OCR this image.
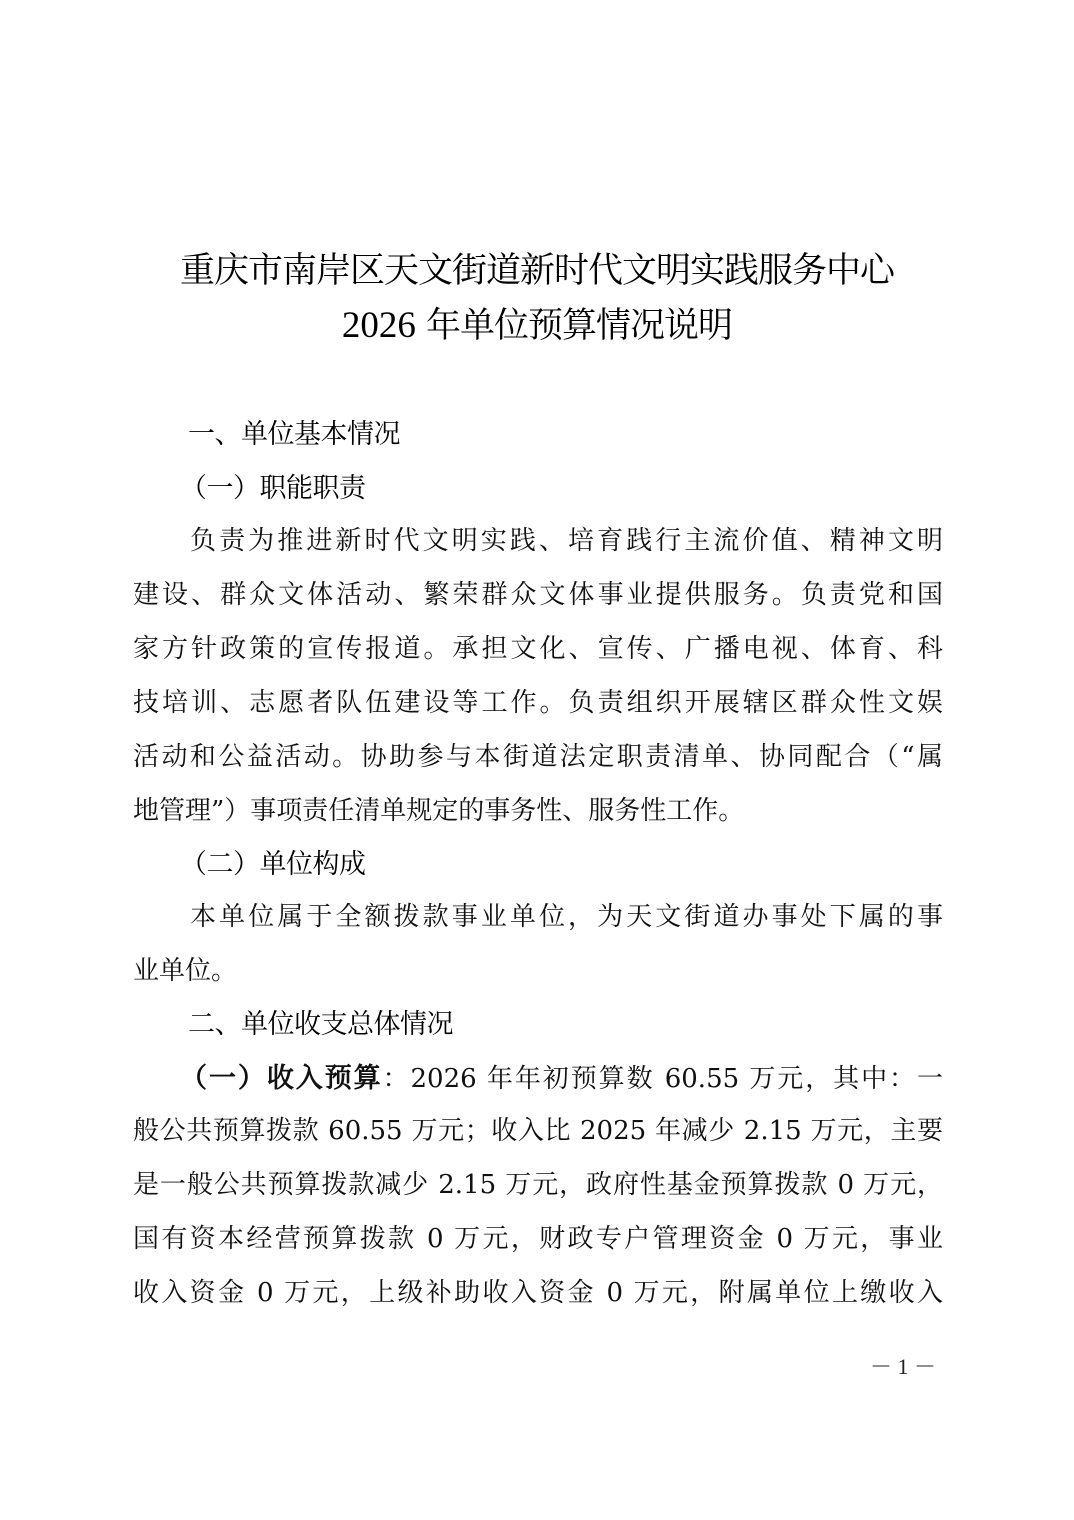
重庆市南岸区天文街道新时代文明实践服务中心
2026 年单位预算情况说明
一、单位基本情况
（一）职能职责
负责为推进新时代文明实践、培育践行主流价值、精神文明
建设、群众文体活动、繁荣群众文体事业提供服务。负责党和国
家方针政策的宣传报道。承担文化、宣传、广播电视、体育、科
技培训、志愿者队伍建设等工作。负责组织开展辖区群众性文娱
活动和公益活动。协助参与本街道法定职责清单、协同配合（“属
地管理”）事项责任清单规定的事务性、服务性工作。
（二）单位构成
本单位属于全额拨款事业单位，为天文街道办事处下属的事
业单位。
二、单位收支总体情况
（一）收入预算：2026 年年初预算数 60.55 万元，其中：一
般公共预算拨款 60.55 万元；收入比 2025 年减少 2.15 万元，主要
是一般公共预算拨款减少 2.15 万元，政府性基金预算拨款 0 万元，
国有资本经营预算拨款 0 万元，财政专户管理资金 0 万元，事业
收入资金 0 万元，上级补助收入资金 0 万元，附属单位上缴收入
－ 1 －
